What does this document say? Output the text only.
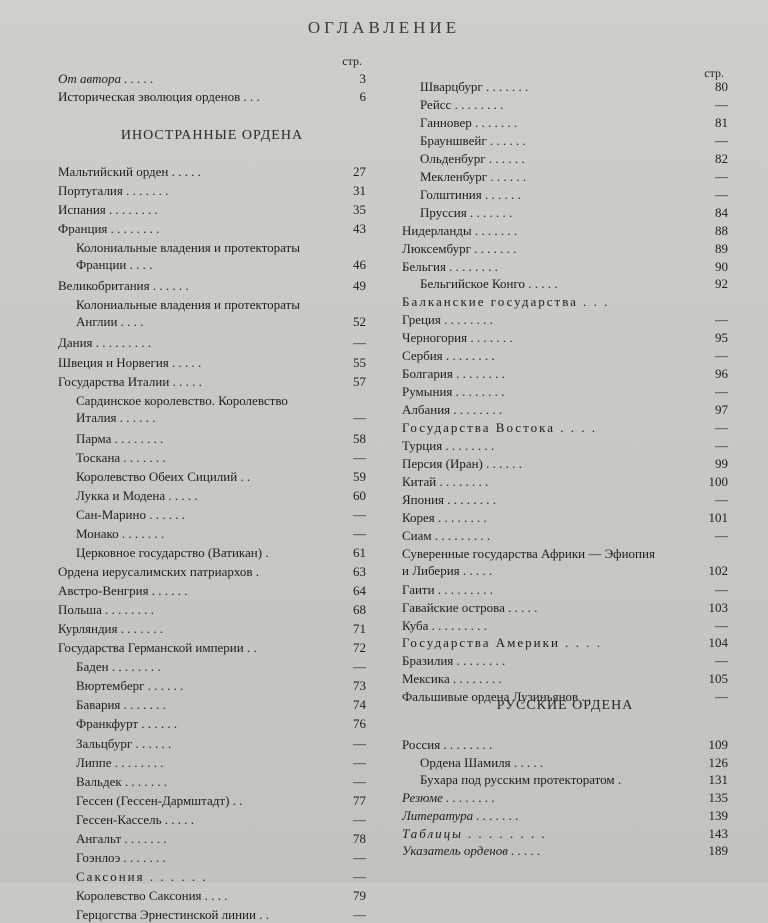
ОГЛАВЛЕНИЕ
стр.
От автора . . . . .	3
Историческая эволюция орденов . . .	6
ИНОСТРАННЫЕ ОРДЕНА
Мальтийский орден . . . . .	27
Португалия . . . . . . .	31
Испания . . . . . . . .	35
Франция . . . . . . . .	43
Колониальные владения и протектораты Франции . . . .	46
Великобритания . . . . . .	49
Колониальные владения и протектораты Англии . . . .	52
Дания . . . . . . . . .	—
Швеция и Норвегия . . . . .	55
Государства Италии . . . . .	57
Сардинское королевство. Королевство Италия . . . . . .	—
Парма . . . . . . . .	58
Тоскана . . . . . . .	—
Королевство Обеих Сицилий . .	59
Лукка и Модена . . . . .	60
Сан-Марино . . . . . .	—
Монако . . . . . . .	—
Церковное государство (Ватикан) .	61
Ордена иерусалимских патриархов .	63
Австро-Венгрия . . . . . .	64
Польша . . . . . . . .	68
Курляндия . . . . . . .	71
Государства Германской империи . .	72
Баден . . . . . . . .	—
Вюртемберг . . . . . .	73
Бавария . . . . . . .	74
Франкфурт . . . . . .	76
Зальцбург . . . . . .	—
Липпе . . . . . . . .	—
Вальдек . . . . . . .	—
Гессен (Гессен-Дармштадт) . .	77
Гессен-Кассель . . . . .	—
Ангальт . . . . . . .	78
Гоэнлоэ . . . . . . .	—
Саксония . . . . . .	—
Королевство Саксония . . . .	79
Герцогства Эрнестинской линии . .	—
стр.
Шварцбург . . . . . . .	80
Рейсс . . . . . . . .	—
Ганновер . . . . . . .	81
Брауншвейг . . . . . .	—
Ольденбург . . . . . .	82
Мекленбург . . . . . .	—
Голштиния . . . . . .	—
Пруссия . . . . . . .	84
Нидерланды . . . . . . .	88
Люксембург . . . . . . .	89
Бельгия . . . . . . . .	90
Бельгийское Конго . . . . .	92
Балканские государства . . .
Греция . . . . . . . .	—
Черногория . . . . . . .	95
Сербия . . . . . . . .	—
Болгария . . . . . . . .	96
Румыния . . . . . . . .	—
Албания . . . . . . . .	97
Государства Востока . . . .	—
Турция . . . . . . . .	—
Персия (Иран) . . . . . .	99
Китай . . . . . . . .	100
Япония . . . . . . . .	—
Корея . . . . . . . .	101
Сиам . . . . . . . . .	—
Суверенные государства Африки — Эфиопия и Либерия . . . . .	102
Гаити . . . . . . . . .	—
Гавайские острова . . . . .	103
Куба . . . . . . . . .	—
Государства Америки . . . .	104
Бразилия . . . . . . . .	—
Мексика . . . . . . . .	105
Фальшивые ордена Лузиньянов . .	—
РУССКИЕ ОРДЕНА
Россия . . . . . . . .	109
Ордена Шамиля . . . . .	126
Бухара под русским протекторатом .	131
Резюме . . . . . . . .	135
Литература . . . . . . .	139
Таблицы . . . . . . . .	143
Указатель орденов . . . . .	189
